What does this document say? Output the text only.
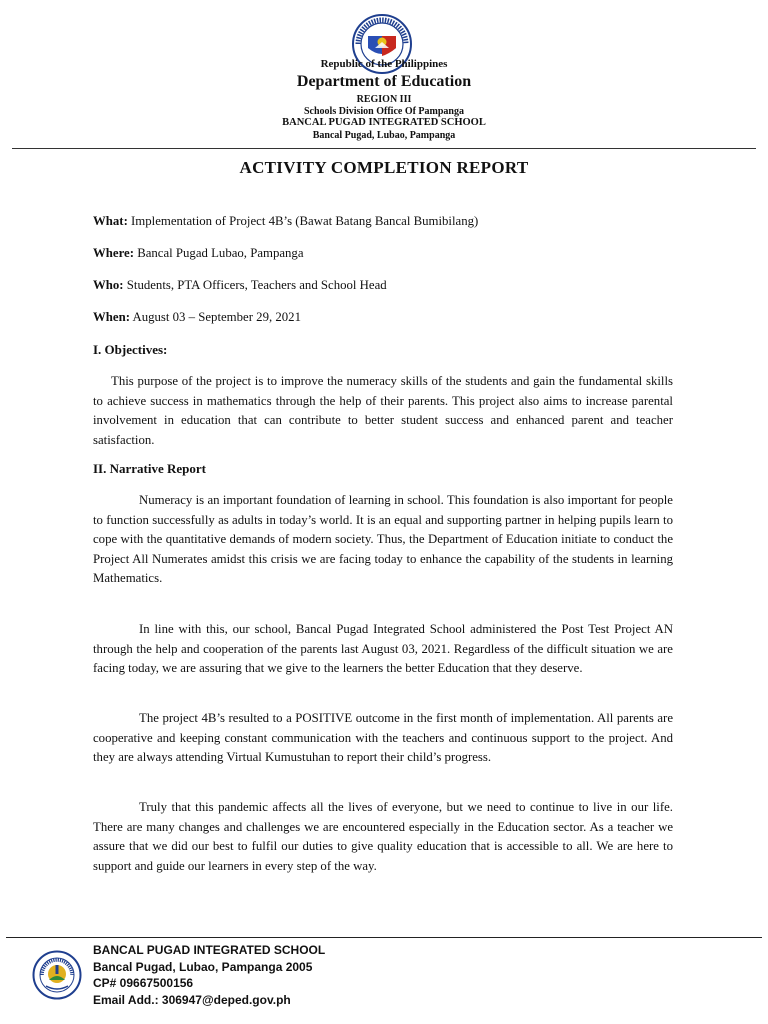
Republic of the Philippines
Department of Education
REGION III
Schools Division Office Of Pampanga
BANCAL PUGAD INTEGRATED SCHOOL
Bancal Pugad, Lubao, Pampanga
ACTIVITY COMPLETION REPORT
What: Implementation of Project 4B’s (Bawat Batang Bancal Bumibilang)
Where: Bancal Pugad Lubao, Pampanga
Who: Students, PTA Officers, Teachers and School Head
When: August 03 – September 29, 2021
I. Objectives:
This purpose of the project is to improve the numeracy skills of the students and gain the fundamental skills to achieve success in mathematics through the help of their parents. This project also aims to increase parental involvement in education that can contribute to better student success and enhanced parent and teacher satisfaction.
II. Narrative Report
Numeracy is an important foundation of learning in school. This foundation is also important for people to function successfully as adults in today’s world. It is an equal and supporting partner in helping pupils learn to cope with the quantitative demands of modern society. Thus, the Department of Education initiate to conduct the Project All Numerates amidst this crisis we are facing today to enhance the capability of the students in learning Mathematics.
In line with this, our school, Bancal Pugad Integrated School administered the Post Test Project AN through the help and cooperation of the parents last August 03, 2021. Regardless of the difficult situation we are facing today, we are assuring that we give to the learners the better Education that they deserve.
The project 4B’s resulted to a POSITIVE outcome in the first month of implementation. All parents are cooperative and keeping constant communication with the teachers and continuous support to the project. And they are always attending Virtual Kumustuhan to report their child’s progress.
Truly that this pandemic affects all the lives of everyone, but we need to continue to live in our life. There are many changes and challenges we are encountered especially in the Education sector. As a teacher we assure that we did our best to fulfil our duties to give quality education that is accessible to all. We are here to support and guide our learners in every step of the way.
BANCAL PUGAD INTEGRATED SCHOOL
Bancal Pugad, Lubao, Pampanga 2005
CP# 09667500156
Email Add.: 306947@deped.gov.ph
